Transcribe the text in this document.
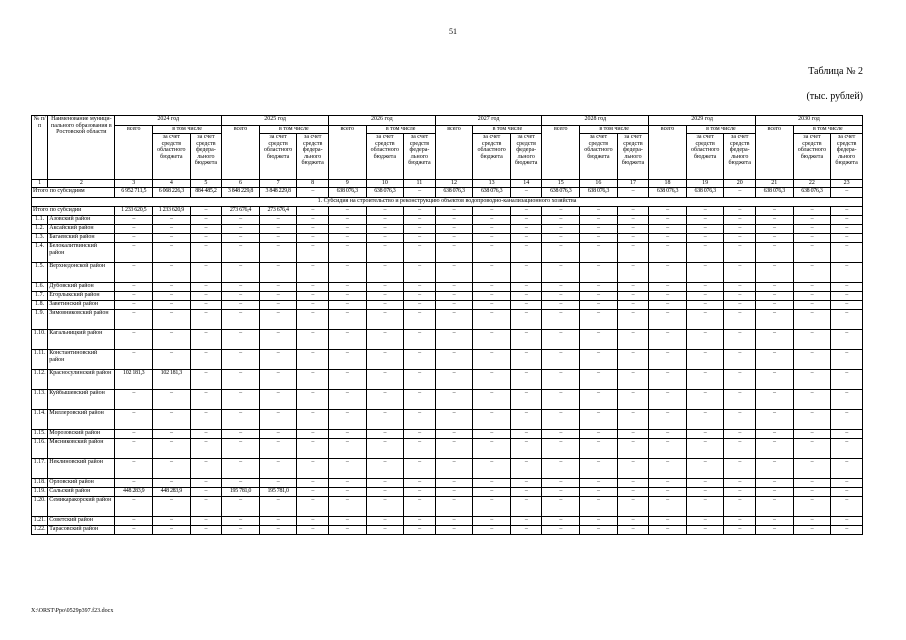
51
Таблица № 2
(тыс. рублей)
№ п/п	Наименование муници-пального образования в Ростовской области	2024 год			2025 год			2026 год			2027 год			2028 год			2029 год			2030 год		
		всего	в том числе		всего	в том числе		всего	в том числе		всего	в том числе		всего	в том числе		всего	в том числе		всего	в том числе	
			за счет средств областного бюджета	за счет средств федера-льного бюджета		за счет средств областного бюджета	за счет средств федера-льного бюджета		за счет средств областного бюджета	за счет средств федера-льного бюджета		за счет средств областного бюджета	за счет средств федера-льного бюджета		за счет средств областного бюджета	за счет средств федера-льного бюджета		за счет средств областного бюджета	за счет средств федера-льного бюджета		за счет средств областного бюджета	за счет средств федера-льного бюджета
1	2	3	4	5	6	7	8	9	10	11	12	13	14	15	16	17	18	19	20	21	22	23
Итого по субсидиям		6 952 711,5	6 068 226,3	884 485,2	3 848 229,8	3 848 229,8	–	638 076,3	638 076,3	–	638 076,3	638 076,3	–	638 076,3	638 076,3	–	638 076,3	638 076,3	–	638 076,3	638 076,3	–
1. Субсидия на строительство и реконструкцию объектов водопроводно-канализационного хозяйства																						
Итого по субсидии		1 233 620,5	1 233 620,9	–	273 676,4	273 676,4	–	–	–	–	–	–	–	–	–	–	–	–	–	–	–	–
1.1.	Азовский район	–	–	–	–	–	–	–	–	–	–	–	–	–	–	–	–	–	–	–	–	–
1.2.	Аксайский район	–	–	–	–	–	–	–	–	–	–	–	–	–	–	–	–	–	–	–	–	–
1.3.	Багаевский район	–	–	–	–	–	–	–	–	–	–	–	–	–	–	–	–	–	–	–	–	–
1.4.	Белокалитвинский район	–	–	–	–	–	–	–	–	–	–	–	–	–	–	–	–	–	–	–	–	–
1.5.	Верхнедонской район	–	–	–	–	–	–	–	–	–	–	–	–	–	–	–	–	–	–	–	–	–
1.6.	Дубовский район	–	–	–	–	–	–	–	–	–	–	–	–	–	–	–	–	–	–	–	–	–
1.7.	Егорлыкский район	–	–	–	–	–	–	–	–	–	–	–	–	–	–	–	–	–	–	–	–	–
1.8.	Заветинский район	–	–	–	–	–	–	–	–	–	–	–	–	–	–	–	–	–	–	–	–	–
1.9.	Зимовниковский район	–	–	–	–	–	–	–	–	–	–	–	–	–	–	–	–	–	–	–	–	–
1.10.	Кагальницкий район	–	–	–	–	–	–	–	–	–	–	–	–	–	–	–	–	–	–	–	–	–
1.11.	Константиновский район	–	–	–	–	–	–	–	–	–	–	–	–	–	–	–	–	–	–	–	–	–
1.12.	Красносулинский район	102 181,3	102 181,3	–	–	–	–	–	–	–	–	–	–	–	–	–	–	–	–	–	–	–
1.13.	Куйбышевский район	–	–	–	–	–	–	–	–	–	–	–	–	–	–	–	–	–	–	–	–	–
1.14.	Миллеровский район	–	–	–	–	–	–	–	–	–	–	–	–	–	–	–	–	–	–	–	–	–
1.15.	Морозовский район	–	–	–	–	–	–	–	–	–	–	–	–	–	–	–	–	–	–	–	–	–
1.16.	Мясниковский район	–	–	–	–	–	–	–	–	–	–	–	–	–	–	–	–	–	–	–	–	–
1.17.	Неклиновский район	–	–	–	–	–	–	–	–	–	–	–	–	–	–	–	–	–	–	–	–	–
1.18.	Орловский район	–	–	–	–	–	–	–	–	–	–	–	–	–	–	–	–	–	–	–	–	–
1.19.	Сальский район	448 283,9	448 283,9	–	195 781,0	195 781,0	–	–	–	–	–	–	–	–	–	–	–	–	–	–	–	–
1.20.	Семикаракорский район	–	–	–	–	–	–	–	–	–	–	–	–	–	–	–	–	–	–	–	–	–
1.21.	Советский район	–	–	–	–	–	–	–	–	–	–	–	–	–	–	–	–	–	–	–	–	–
1.22.	Тарасовский район	–	–	–	–	–	–	–	–	–	–	–	–	–	–	–	–	–	–	–	–	–
X:\ORST\Ppo\0529p397.f23.docx
